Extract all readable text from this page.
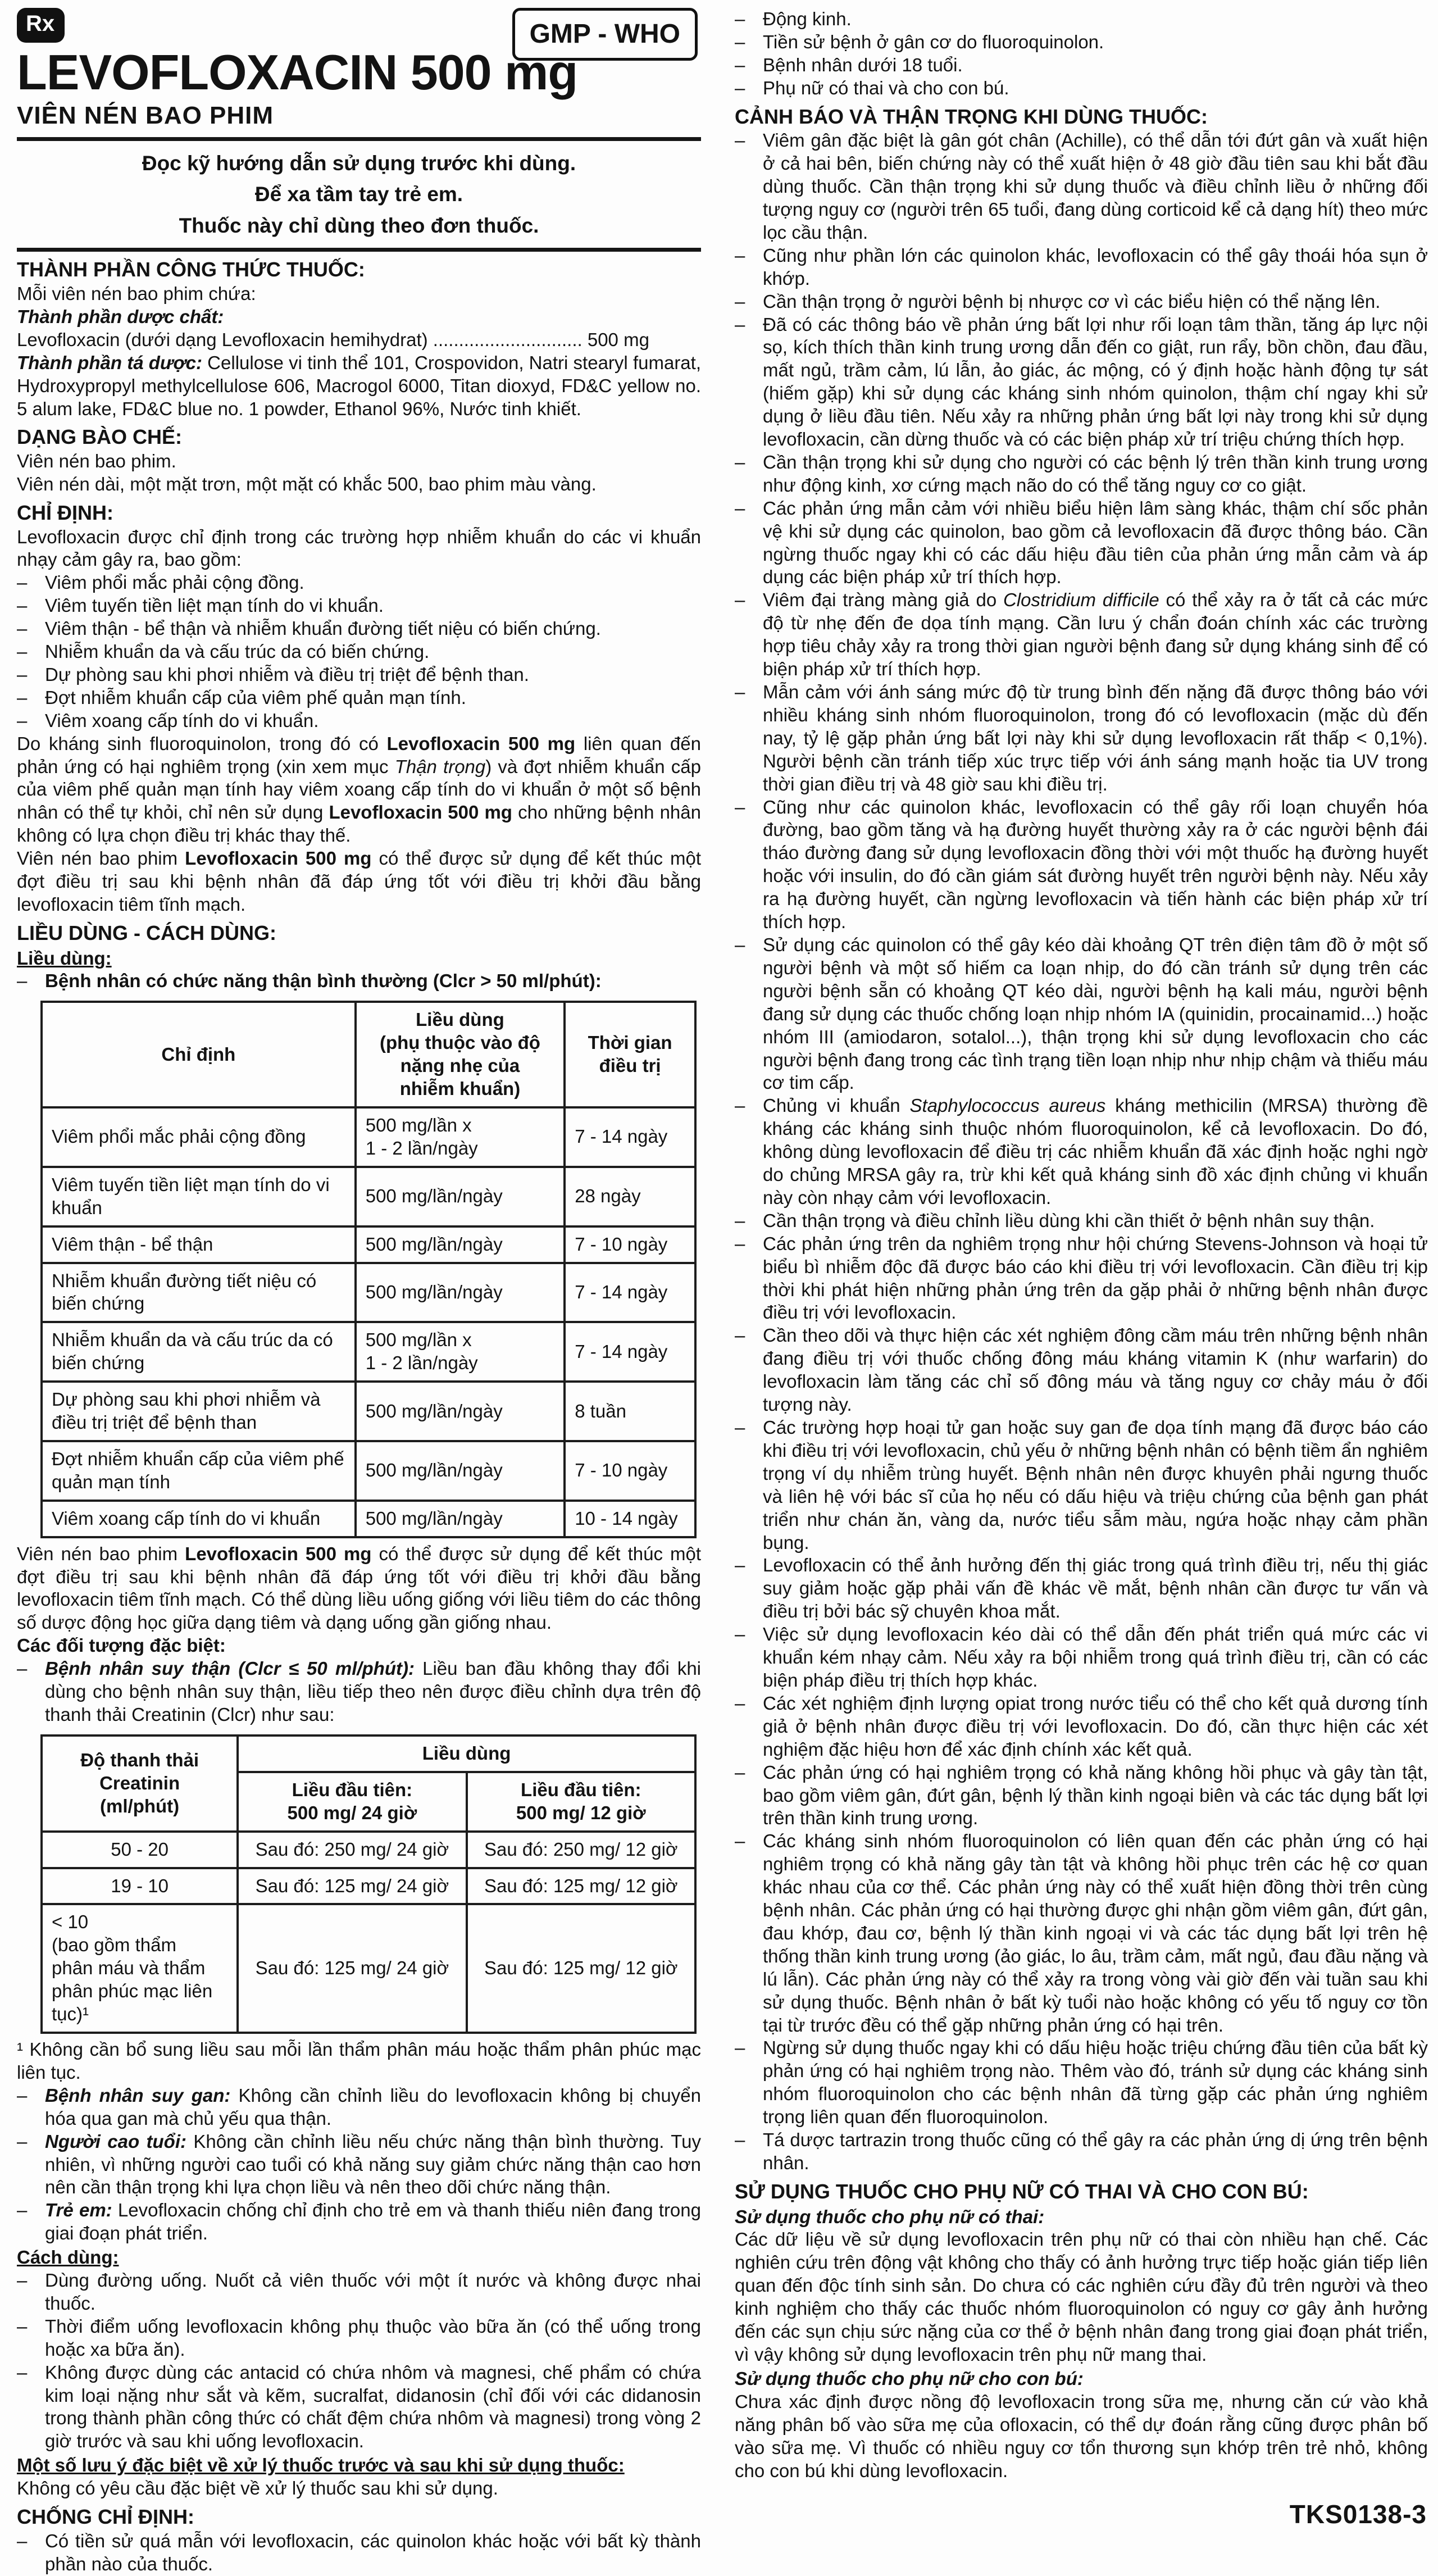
Rx	GMP - WHO
LEVOFLOXACIN 500 mg
VIÊN NÉN BAO PHIM
Đọc kỹ hướng dẫn sử dụng trước khi dùng.
Để xa tầm tay trẻ em.
Thuốc này chỉ dùng theo đơn thuốc.
THÀNH PHẦN CÔNG THỨC THUỐC:
Mỗi viên nén bao phim chứa:
Thành phần dược chất:
Levofloxacin (dưới dạng Levofloxacin hemihydrat) ............................. 500 mg
Thành phần tá dược: Cellulose vi tinh thể 101, Crospovidon, Natri stearyl fumarat, Hydroxypropyl methylcellulose 606, Macrogol 6000, Titan dioxyd, FD&C yellow no. 5 alum lake, FD&C blue no. 1 powder, Ethanol 96%, Nước tinh khiết.
DẠNG BÀO CHẾ:
Viên nén bao phim.
Viên nén dài, một mặt trơn, một mặt có khắc 500, bao phim màu vàng.
CHỈ ĐỊNH:
Levofloxacin được chỉ định trong các trường hợp nhiễm khuẩn do các vi khuẩn nhạy cảm gây ra, bao gồm:
– Viêm phổi mắc phải cộng đồng.
– Viêm tuyến tiền liệt mạn tính do vi khuẩn.
– Viêm thận - bể thận và nhiễm khuẩn đường tiết niệu có biến chứng.
– Nhiễm khuẩn da và cấu trúc da có biến chứng.
– Dự phòng sau khi phơi nhiễm và điều trị triệt để bệnh than.
– Đợt nhiễm khuẩn cấp của viêm phế quản mạn tính.
– Viêm xoang cấp tính do vi khuẩn.
Do kháng sinh fluoroquinolon, trong đó có Levofloxacin 500 mg liên quan đến phản ứng có hại nghiêm trọng (xin xem mục Thận trọng) và đợt nhiễm khuẩn cấp của viêm phế quản mạn tính hay viêm xoang cấp tính do vi khuẩn ở một số bệnh nhân có thể tự khỏi, chỉ nên sử dụng Levofloxacin 500 mg cho những bệnh nhân không có lựa chọn điều trị khác thay thế.
Viên nén bao phim Levofloxacin 500 mg có thể được sử dụng để kết thúc một đợt điều trị sau khi bệnh nhân đã đáp ứng tốt với điều trị khởi đầu bằng levofloxacin tiêm tĩnh mạch.
LIỀU DÙNG - CÁCH DÙNG:
Liều dùng:
– Bệnh nhân có chức năng thận bình thường (Clcr > 50 ml/phút):
Chỉ định	Liều dùng
(phụ thuộc vào độ
nặng nhẹ của
nhiễm khuẩn)	Thời gian
điều trị
Viêm phổi mắc phải cộng đồng	500 mg/lần x
1 - 2 lần/ngày	7 - 14 ngày
Viêm tuyến tiền liệt mạn tính do vi khuẩn	500 mg/lần/ngày	28 ngày
Viêm thận - bể thận	500 mg/lần/ngày	7 - 10 ngày
Nhiễm khuẩn đường tiết niệu có biến chứng	500 mg/lần/ngày	7 - 14 ngày
Nhiễm khuẩn da và cấu trúc da có biến chứng	500 mg/lần x
1 - 2 lần/ngày	7 - 14 ngày
Dự phòng sau khi phơi nhiễm và điều trị triệt để bệnh than	500 mg/lần/ngày	8 tuần
Đợt nhiễm khuẩn cấp của viêm phế quản mạn tính	500 mg/lần/ngày	7 - 10 ngày
Viêm xoang cấp tính do vi khuẩn	500 mg/lần/ngày	10 - 14 ngày
Viên nén bao phim Levofloxacin 500 mg có thể được sử dụng để kết thúc một đợt điều trị sau khi bệnh nhân đã đáp ứng tốt với điều trị khởi đầu bằng levofloxacin tiêm tĩnh mạch. Có thể dùng liều uống giống với liều tiêm do các thông số dược động học giữa dạng tiêm và dạng uống gần giống nhau.
Các đối tượng đặc biệt:
– Bệnh nhân suy thận (Clcr ≤ 50 ml/phút): Liều ban đầu không thay đổi khi dùng cho bệnh nhân suy thận, liều tiếp theo nên được điều chỉnh dựa trên độ thanh thải Creatinin (Clcr) như sau:
Độ thanh thải
Creatinin
(ml/phút)	Liều dùng	
	Liều đầu tiên:
500 mg/ 24 giờ	Liều đầu tiên:
500 mg/ 12 giờ
50 - 20	Sau đó: 250 mg/ 24 giờ	Sau đó: 250 mg/ 12 giờ
19 - 10	Sau đó: 125 mg/ 24 giờ	Sau đó: 125 mg/ 12 giờ
< 10
(bao gồm thẩm
phân máu và thẩm
phân phúc mạc liên
tục)¹	Sau đó: 125 mg/ 24 giờ	Sau đó: 125 mg/ 12 giờ
¹ Không cần bổ sung liều sau mỗi lần thẩm phân máu hoặc thẩm phân phúc mạc liên tục.
– Bệnh nhân suy gan: Không cần chỉnh liều do levofloxacin không bị chuyển hóa qua gan mà chủ yếu qua thận.
– Người cao tuổi: Không cần chỉnh liều nếu chức năng thận bình thường. Tuy nhiên, vì những người cao tuổi có khả năng suy giảm chức năng thận cao hơn nên cần thận trọng khi lựa chọn liều và nên theo dõi chức năng thận.
– Trẻ em: Levofloxacin chống chỉ định cho trẻ em và thanh thiếu niên đang trong giai đoạn phát triển.
Cách dùng:
– Dùng đường uống. Nuốt cả viên thuốc với một ít nước và không được nhai thuốc.
– Thời điểm uống levofloxacin không phụ thuộc vào bữa ăn (có thể uống trong hoặc xa bữa ăn).
– Không được dùng các antacid có chứa nhôm và magnesi, chế phẩm có chứa kim loại nặng như sắt và kẽm, sucralfat, didanosin (chỉ đối với các didanosin trong thành phần công thức có chất đệm chứa nhôm và magnesi) trong vòng 2 giờ trước và sau khi uống levofloxacin.
Một số lưu ý đặc biệt về xử lý thuốc trước và sau khi sử dụng thuốc:
Không có yêu cầu đặc biệt về xử lý thuốc sau khi sử dụng.
CHỐNG CHỈ ĐỊNH:
– Có tiền sử quá mẫn với levofloxacin, các quinolon khác hoặc với bất kỳ thành phần nào của thuốc.
– Động kinh.
– Tiền sử bệnh ở gân cơ do fluoroquinolon.
– Bệnh nhân dưới 18 tuổi.
– Phụ nữ có thai và cho con bú.
CẢNH BÁO VÀ THẬN TRỌNG KHI DÙNG THUỐC:
– Viêm gân đặc biệt là gân gót chân (Achille), có thể dẫn tới đứt gân và xuất hiện ở cả hai bên, biến chứng này có thể xuất hiện ở 48 giờ đầu tiên sau khi bắt đầu dùng thuốc. Cần thận trọng khi sử dụng thuốc và điều chỉnh liều ở những đối tượng nguy cơ (người trên 65 tuổi, đang dùng corticoid kể cả dạng hít) theo mức lọc cầu thận.
– Cũng như phần lớn các quinolon khác, levofloxacin có thể gây thoái hóa sụn ở khớp.
– Cần thận trọng ở người bệnh bị nhược cơ vì các biểu hiện có thể nặng lên.
– Đã có các thông báo về phản ứng bất lợi như rối loạn tâm thần, tăng áp lực nội sọ, kích thích thần kinh trung ương dẫn đến co giật, run rẩy, bồn chồn, đau đầu, mất ngủ, trầm cảm, lú lẫn, ảo giác, ác mộng, có ý định hoặc hành động tự sát (hiếm gặp) khi sử dụng các kháng sinh nhóm quinolon, thậm chí ngay khi sử dụng ở liều đầu tiên. Nếu xảy ra những phản ứng bất lợi này trong khi sử dụng levofloxacin, cần dừng thuốc và có các biện pháp xử trí triệu chứng thích hợp.
– Cần thận trọng khi sử dụng cho người có các bệnh lý trên thần kinh trung ương như động kinh, xơ cứng mạch não do có thể tăng nguy cơ co giật.
– Các phản ứng mẫn cảm với nhiều biểu hiện lâm sàng khác, thậm chí sốc phản vệ khi sử dụng các quinolon, bao gồm cả levofloxacin đã được thông báo. Cần ngừng thuốc ngay khi có các dấu hiệu đầu tiên của phản ứng mẫn cảm và áp dụng các biện pháp xử trí thích hợp.
– Viêm đại tràng màng giả do Clostridium difficile có thể xảy ra ở tất cả các mức độ từ nhẹ đến đe dọa tính mạng. Cần lưu ý chẩn đoán chính xác các trường hợp tiêu chảy xảy ra trong thời gian người bệnh đang sử dụng kháng sinh để có biện pháp xử trí thích hợp.
– Mẫn cảm với ánh sáng mức độ từ trung bình đến nặng đã được thông báo với nhiều kháng sinh nhóm fluoroquinolon, trong đó có levofloxacin (mặc dù đến nay, tỷ lệ gặp phản ứng bất lợi này khi sử dụng levofloxacin rất thấp < 0,1%). Người bệnh cần tránh tiếp xúc trực tiếp với ánh sáng mạnh hoặc tia UV trong thời gian điều trị và 48 giờ sau khi điều trị.
– Cũng như các quinolon khác, levofloxacin có thể gây rối loạn chuyển hóa đường, bao gồm tăng và hạ đường huyết thường xảy ra ở các người bệnh đái tháo đường đang sử dụng levofloxacin đồng thời với một thuốc hạ đường huyết hoặc với insulin, do đó cần giám sát đường huyết trên người bệnh này. Nếu xảy ra hạ đường huyết, cần ngừng levofloxacin và tiến hành các biện pháp xử trí thích hợp.
– Sử dụng các quinolon có thể gây kéo dài khoảng QT trên điện tâm đồ ở một số người bệnh và một số hiếm ca loạn nhịp, do đó cần tránh sử dụng trên các người bệnh sẵn có khoảng QT kéo dài, người bệnh hạ kali máu, người bệnh đang sử dụng các thuốc chống loạn nhịp nhóm IA (quinidin, procainamid...) hoặc nhóm III (amiodaron, sotalol...), thận trọng khi sử dụng levofloxacin cho các người bệnh đang trong các tình trạng tiền loạn nhịp như nhịp chậm và thiếu máu cơ tim cấp.
– Chủng vi khuẩn Staphylococcus aureus kháng methicilin (MRSA) thường đề kháng các kháng sinh thuộc nhóm fluoroquinolon, kể cả levofloxacin. Do đó, không dùng levofloxacin để điều trị các nhiễm khuẩn đã xác định hoặc nghi ngờ do chủng MRSA gây ra, trừ khi kết quả kháng sinh đồ xác định chủng vi khuẩn này còn nhạy cảm với levofloxacin.
– Cần thận trọng và điều chỉnh liều dùng khi cần thiết ở bệnh nhân suy thận.
– Các phản ứng trên da nghiêm trọng như hội chứng Stevens-Johnson và hoại tử biểu bì nhiễm độc đã được báo cáo khi điều trị với levofloxacin. Cần điều trị kịp thời khi phát hiện những phản ứng trên da gặp phải ở những bệnh nhân được điều trị với levofloxacin.
– Cần theo dõi và thực hiện các xét nghiệm đông cầm máu trên những bệnh nhân đang điều trị với thuốc chống đông máu kháng vitamin K (như warfarin) do levofloxacin làm tăng các chỉ số đông máu và tăng nguy cơ chảy máu ở đối tượng này.
– Các trường hợp hoại tử gan hoặc suy gan đe dọa tính mạng đã được báo cáo khi điều trị với levofloxacin, chủ yếu ở những bệnh nhân có bệnh tiềm ẩn nghiêm trọng ví dụ nhiễm trùng huyết. Bệnh nhân nên được khuyên phải ngưng thuốc và liên hệ với bác sĩ của họ nếu có dấu hiệu và triệu chứng của bệnh gan phát triển như chán ăn, vàng da, nước tiểu sẫm màu, ngứa hoặc nhạy cảm phần bụng.
– Levofloxacin có thể ảnh hưởng đến thị giác trong quá trình điều trị, nếu thị giác suy giảm hoặc gặp phải vấn đề khác về mắt, bệnh nhân cần được tư vấn và điều trị bởi bác sỹ chuyên khoa mắt.
– Việc sử dụng levofloxacin kéo dài có thể dẫn đến phát triển quá mức các vi khuẩn kém nhạy cảm. Nếu xảy ra bội nhiễm trong quá trình điều trị, cần có các biện pháp điều trị thích hợp khác.
– Các xét nghiệm định lượng opiat trong nước tiểu có thể cho kết quả dương tính giả ở bệnh nhân được điều trị với levofloxacin. Do đó, cần thực hiện các xét nghiệm đặc hiệu hơn để xác định chính xác kết quả.
– Các phản ứng có hại nghiêm trọng có khả năng không hồi phục và gây tàn tật, bao gồm viêm gân, đứt gân, bệnh lý thần kinh ngoại biên và các tác dụng bất lợi trên thần kinh trung ương.
– Các kháng sinh nhóm fluoroquinolon có liên quan đến các phản ứng có hại nghiêm trọng có khả năng gây tàn tật và không hồi phục trên các hệ cơ quan khác nhau của cơ thể. Các phản ứng này có thể xuất hiện đồng thời trên cùng bệnh nhân. Các phản ứng có hại thường được ghi nhận gồm viêm gân, đứt gân, đau khớp, đau cơ, bệnh lý thần kinh ngoại vi và các tác dụng bất lợi trên hệ thống thần kinh trung ương (ảo giác, lo âu, trầm cảm, mất ngủ, đau đầu nặng và lú lẫn). Các phản ứng này có thể xảy ra trong vòng vài giờ đến vài tuần sau khi sử dụng thuốc. Bệnh nhân ở bất kỳ tuổi nào hoặc không có yếu tố nguy cơ tồn tại từ trước đều có thể gặp những phản ứng có hại trên.
– Ngừng sử dụng thuốc ngay khi có dấu hiệu hoặc triệu chứng đầu tiên của bất kỳ phản ứng có hại nghiêm trọng nào. Thêm vào đó, tránh sử dụng các kháng sinh nhóm fluoroquinolon cho các bệnh nhân đã từng gặp các phản ứng nghiêm trọng liên quan đến fluoroquinolon.
– Tá dược tartrazin trong thuốc cũng có thể gây ra các phản ứng dị ứng trên bệnh nhân.
SỬ DỤNG THUỐC CHO PHỤ NỮ CÓ THAI VÀ CHO CON BÚ:
Sử dụng thuốc cho phụ nữ có thai:
Các dữ liệu về sử dụng levofloxacin trên phụ nữ có thai còn nhiều hạn chế. Các nghiên cứu trên động vật không cho thấy có ảnh hưởng trực tiếp hoặc gián tiếp liên quan đến độc tính sinh sản. Do chưa có các nghiên cứu đầy đủ trên người và theo kinh nghiệm cho thấy các thuốc nhóm fluoroquinolon có nguy cơ gây ảnh hưởng đến các sụn chịu sức nặng của cơ thể ở bệnh nhân đang trong giai đoạn phát triển, vì vậy không sử dụng levofloxacin trên phụ nữ mang thai.
Sử dụng thuốc cho phụ nữ cho con bú:
Chưa xác định được nồng độ levofloxacin trong sữa mẹ, nhưng căn cứ vào khả năng phân bố vào sữa mẹ của ofloxacin, có thể dự đoán rằng cũng được phân bố vào sữa mẹ. Vì thuốc có nhiều nguy cơ tổn thương sụn khớp trên trẻ nhỏ, không cho con bú khi dùng levofloxacin.
TKS0138-3
